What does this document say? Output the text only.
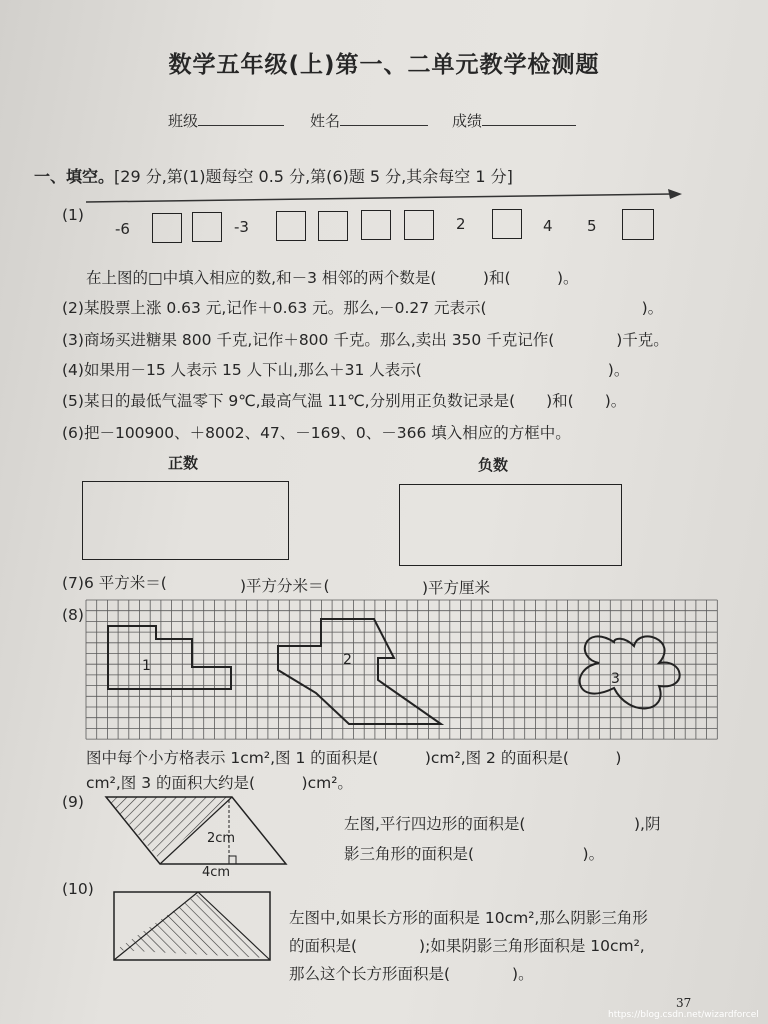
数学五年级(上)第一、二单元教学检测题
班级	姓名	成绩
一、填空。[29 分,第(1)题每空 0.5 分,第(6)题 5 分,其余每空 1 分]
(1)
-6	-3	2	4 5
在上图的□中填入相应的数,和－3 相邻的两个数是(　　　)和(　　　)。
(2)某股票上涨 0.63 元,记作＋0.63 元。那么,－0.27 元表示(　　　　　　　　　　)。
(3)商场买进糖果 800 千克,记作＋800 千克。那么,卖出 350 千克记作(　　　　)千克。
(4)如果用－15 人表示 15 人下山,那么＋31 人表示(　　　　　　　　　　　　)。
(5)某日的最低气温零下 9℃,最高气温 11℃,分别用正负数记录是(　　)和(　　)。
(6)把－100900、＋8002、47、－169、0、－366 填入相应的方框中。
正数	负数
(7)6 平方米＝(	)平方分米＝(	)平方厘米
(8)
1	2
3
图中每个小方格表示 1cm²,图 1 的面积是(　　　)cm²,图 2 的面积是(　　　)
cm²,图 3 的面积大约是(　　　)cm²。
(9)
2cm
4cm
左图,平行四边形的面积是(　　　　　　　),阴
影三角形的面积是(　　　　　　　)。
(10)
左图中,如果长方形的面积是 10cm²,那么阴影三角形
的面积是(　　　　);如果阴影三角形面积是 10cm²,
那么这个长方形面积是(　　　　)。
37
https://blog.csdn.net/wizardforcel
